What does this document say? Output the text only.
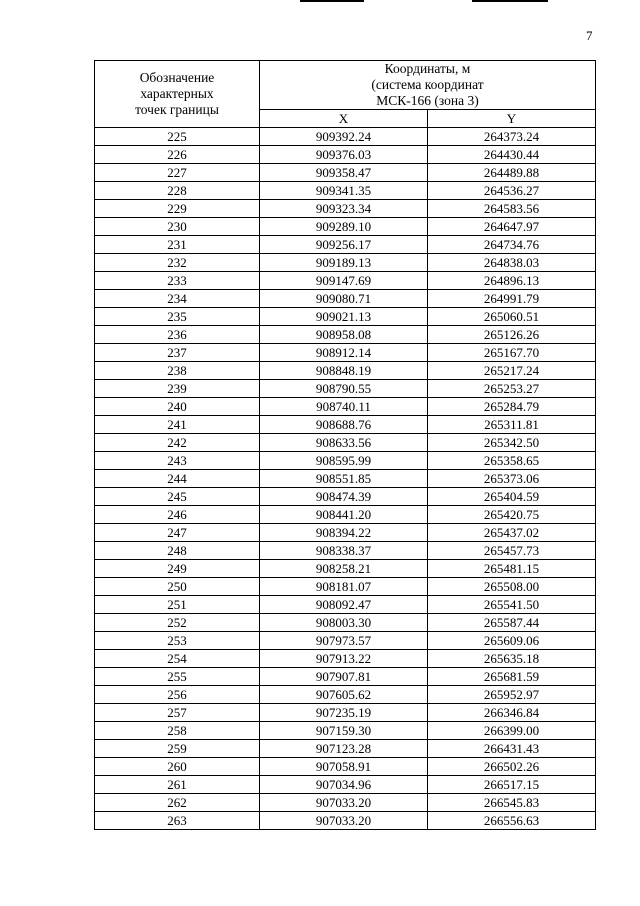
7
Обозначение
характерных
точек границы	Координаты, м
(система координат
МСК-166 (зона 3)	

	X	Y
225	909392.24	264373.24
226	909376.03	264430.44
227	909358.47	264489.88
228	909341.35	264536.27
229	909323.34	264583.56
230	909289.10	264647.97
231	909256.17	264734.76
232	909189.13	264838.03
233	909147.69	264896.13
234	909080.71	264991.79
235	909021.13	265060.51
236	908958.08	265126.26
237	908912.14	265167.70
238	908848.19	265217.24
239	908790.55	265253.27
240	908740.11	265284.79
241	908688.76	265311.81
242	908633.56	265342.50
243	908595.99	265358.65
244	908551.85	265373.06
245	908474.39	265404.59
246	908441.20	265420.75
247	908394.22	265437.02
248	908338.37	265457.73
249	908258.21	265481.15
250	908181.07	265508.00
251	908092.47	265541.50
252	908003.30	265587.44
253	907973.57	265609.06
254	907913.22	265635.18
255	907907.81	265681.59
256	907605.62	265952.97
257	907235.19	266346.84
258	907159.30	266399.00
259	907123.28	266431.43
260	907058.91	266502.26
261	907034.96	266517.15
262	907033.20	266545.83
263	907033.20	266556.63
